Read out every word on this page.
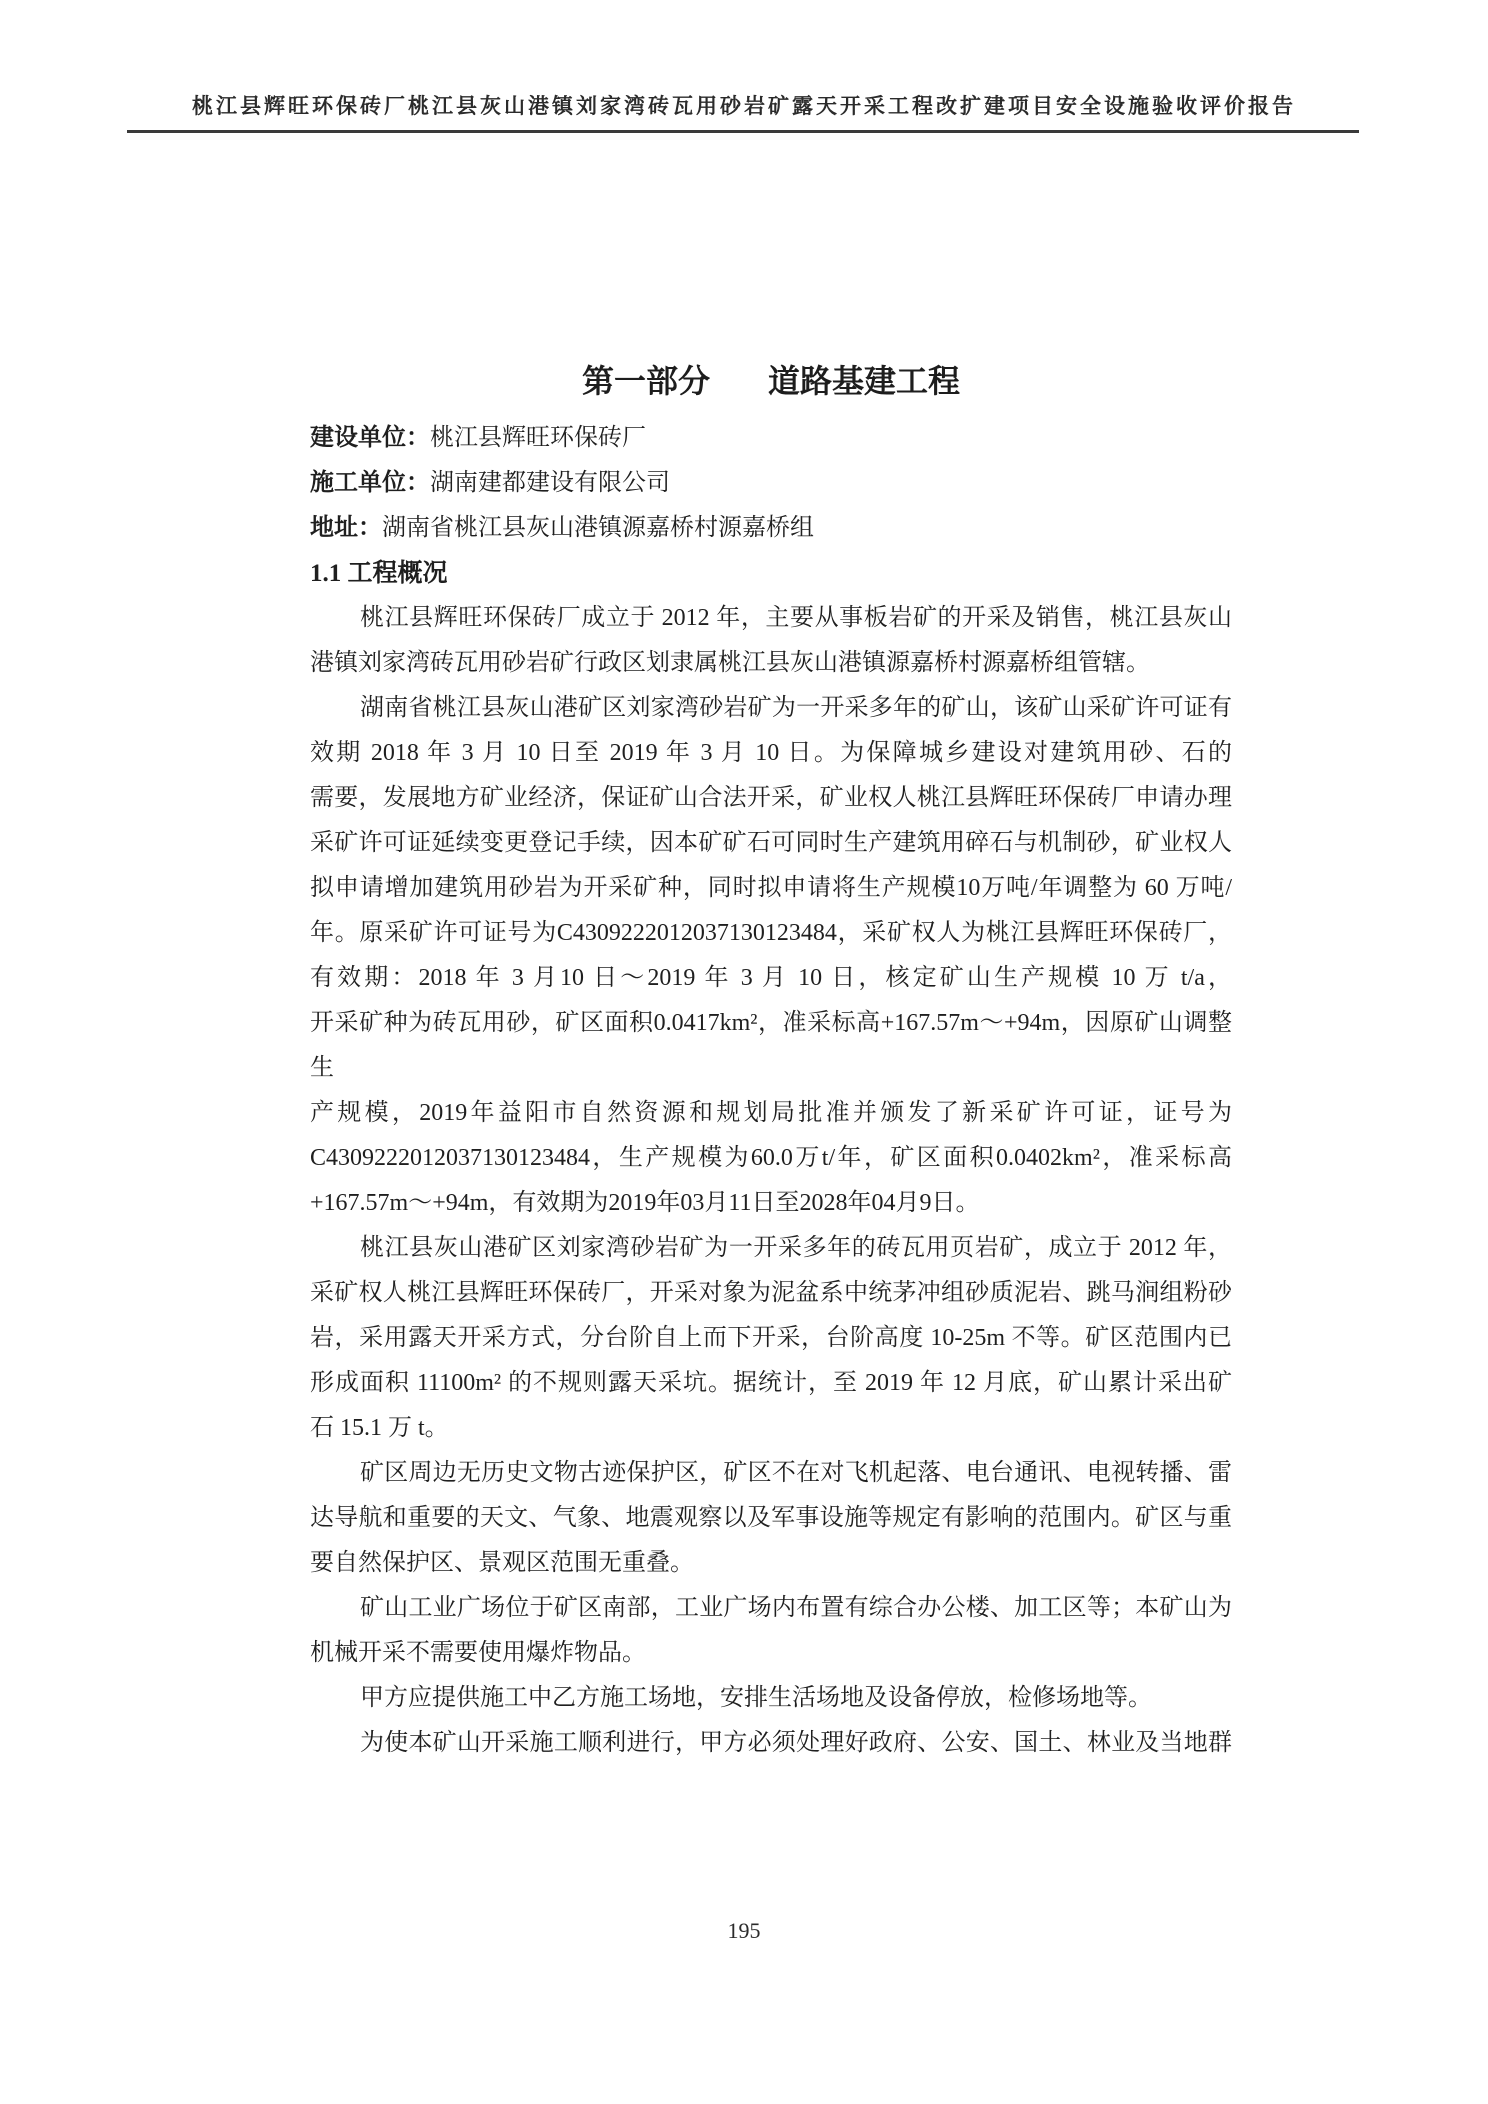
桃江县辉旺环保砖厂桃江县灰山港镇刘家湾砖瓦用砂岩矿露天开采工程改扩建项目安全设施验收评价报告
第一部分 道路基建工程
建设单位：桃江县辉旺环保砖厂
施工单位：湖南建都建设有限公司
地址：湖南省桃江县灰山港镇源嘉桥村源嘉桥组
1.1 工程概况
桃江县辉旺环保砖厂成立于 2012 年，主要从事板岩矿的开采及销售，桃江县灰山
港镇刘家湾砖瓦用砂岩矿行政区划隶属桃江县灰山港镇源嘉桥村源嘉桥组管辖。
湖南省桃江县灰山港矿区刘家湾砂岩矿为一开采多年的矿山，该矿山采矿许可证有
效期 2018 年 3 月 10 日至 2019 年 3 月 10 日。为保障城乡建设对建筑用砂、石的
需要，发展地方矿业经济，保证矿山合法开采，矿业权人桃江县辉旺环保砖厂申请办理
采矿许可证延续变更登记手续，因本矿矿石可同时生产建筑用碎石与机制砂，矿业权人
拟申请增加建筑用砂岩为开采矿种，同时拟申请将生产规模10万吨/年调整为 60 万吨/
年。原采矿许可证号为C4309222012037130123484，采矿权人为桃江县辉旺环保砖厂，
有效期：2018 年 3 月10 日～2019 年 3 月 10 日，核定矿山生产规模 10 万 t/a，
开采矿种为砖瓦用砂，矿区面积0.0417km²，准采标高+167.57m～+94m，因原矿山调整生
产规模，2019年益阳市自然资源和规划局批准并颁发了新采矿许可证，证号为
C4309222012037130123484，生产规模为60.0万t/年，矿区面积0.0402km²，准采标高
+167.57m～+94m，有效期为2019年03月11日至2028年04月9日。
桃江县灰山港矿区刘家湾砂岩矿为一开采多年的砖瓦用页岩矿，成立于 2012 年，
采矿权人桃江县辉旺环保砖厂，开采对象为泥盆系中统茅冲组砂质泥岩、跳马涧组粉砂
岩，采用露天开采方式，分台阶自上而下开采，台阶高度 10-25m 不等。矿区范围内已
形成面积 11100m² 的不规则露天采坑。据统计，至 2019 年 12 月底，矿山累计采出矿
石 15.1 万 t。
矿区周边无历史文物古迹保护区，矿区不在对飞机起落、电台通讯、电视转播、雷
达导航和重要的天文、气象、地震观察以及军事设施等规定有影响的范围内。矿区与重
要自然保护区、景观区范围无重叠。
矿山工业广场位于矿区南部，工业广场内布置有综合办公楼、加工区等；本矿山为
机械开采不需要使用爆炸物品。
甲方应提供施工中乙方施工场地，安排生活场地及设备停放，检修场地等。
为使本矿山开采施工顺利进行，甲方必须处理好政府、公安、国土、林业及当地群
195
